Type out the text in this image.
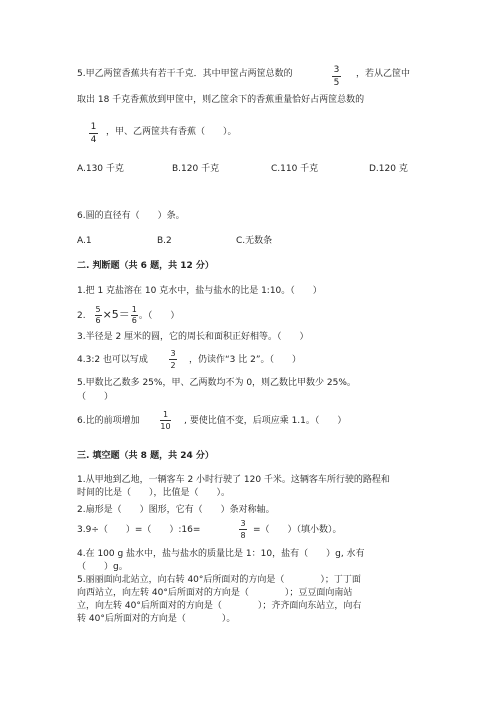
5.甲乙两筐香蕉共有若干千克．其中甲筐占两筐总数的	3
5
，若从乙筐中
取出 18 千克香蕉放到甲筐中，则乙筐余下的香蕉重量恰好占两筐总数的
1
4
，甲、乙两筐共有香蕉（　　）。
A.130 千克	B.120 千克	C.110 千克	D.120 克
6.圆的直径有（　　）条。
A.1	B.2	C.无数条
二. 判断题（共 6 题，共 12 分）
1.把 1 克盐溶在 10 克水中，盐与盐水的比是 1:10。（　　）
2. $\frac{5}{6} \times 5= \frac{1}{6}$ 。（　　）
3.半径是 2 厘米的圆，它的周长和面积正好相等。（　　）
4.3:2 也可以写成
3
2
，仍读作“3 比 2”。（　　）
5.甲数比乙数多 25%，甲、乙两数均不为 0，则乙数比甲数少 25%。
（　　）
6.比的前项增加
1
10
, 要使比值不变，后项应乘 1.1。（　　）
三. 填空题（共 8 题，共 24 分）
1.从甲地到乙地，一辆客车 2 小时行驶了 120 千米。这辆客车所行驶的路程和
时间的比是（　　），比值是（　　）。
2.扇形是（　　）图形，它有（　　）条对称轴。
3.9÷（　　）=（　　）:16=
3
8
=（　　）（填小数）。
4.在 100 g 盐水中，盐与盐水的质量比是 1：10，盐有（　　）g, 水有
（　　）g。
5.丽丽面向北站立，向右转 40°后所面对的方向是（　　　　）；丁丁面
向西站立，向左转 40°后所面对的方向是（　　　　）；豆豆面向南站
立，向左转 40°后所面对的方向是（　　　　）；齐齐面向东站立，向右
转 40°后所面对的方向是（　　　　）。
